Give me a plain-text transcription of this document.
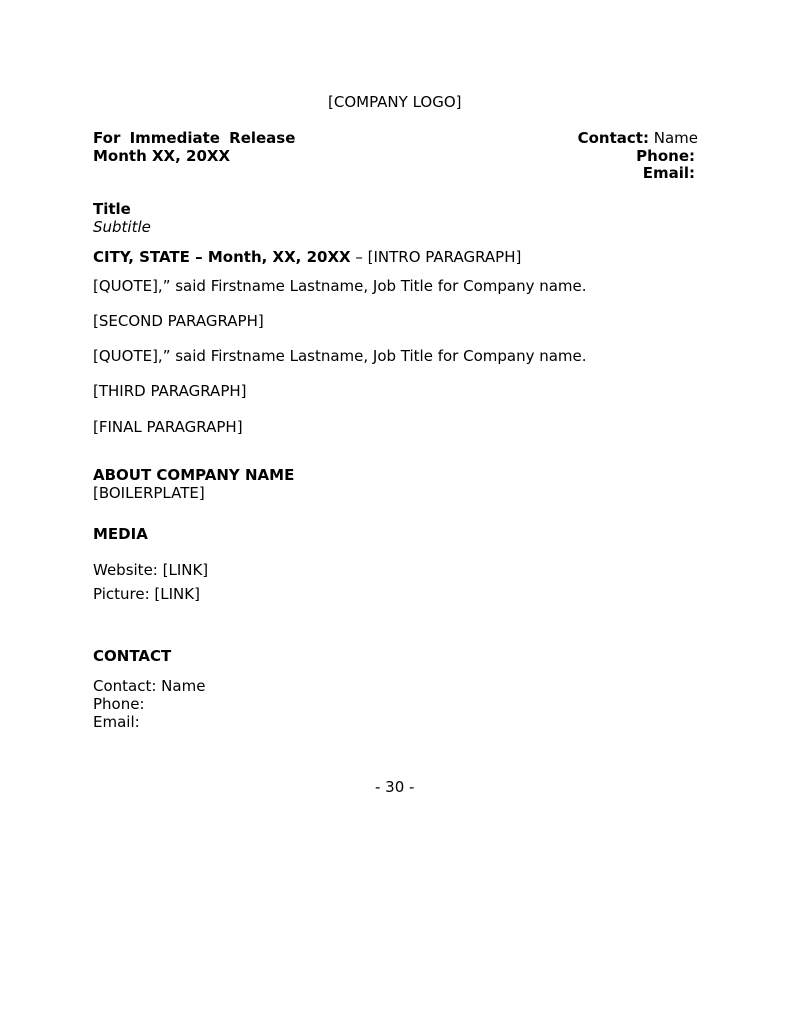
[COMPANY LOGO]
For Immediate Release
Month XX, 20XX
Contact: Name
Phone:
Email:
Title
Subtitle
CITY, STATE – Month, XX, 20XX – [INTRO PARAGRAPH]
[QUOTE],” said Firstname Lastname, Job Title for Company name.
[SECOND PARAGRAPH]
[QUOTE],” said Firstname Lastname, Job Title for Company name.
[THIRD PARAGRAPH]
[FINAL PARAGRAPH]
ABOUT COMPANY NAME
[BOILERPLATE]
MEDIA
Website: [LINK]
Picture: [LINK]
CONTACT
Contact: Name
Phone:
Email:
- 30 -
